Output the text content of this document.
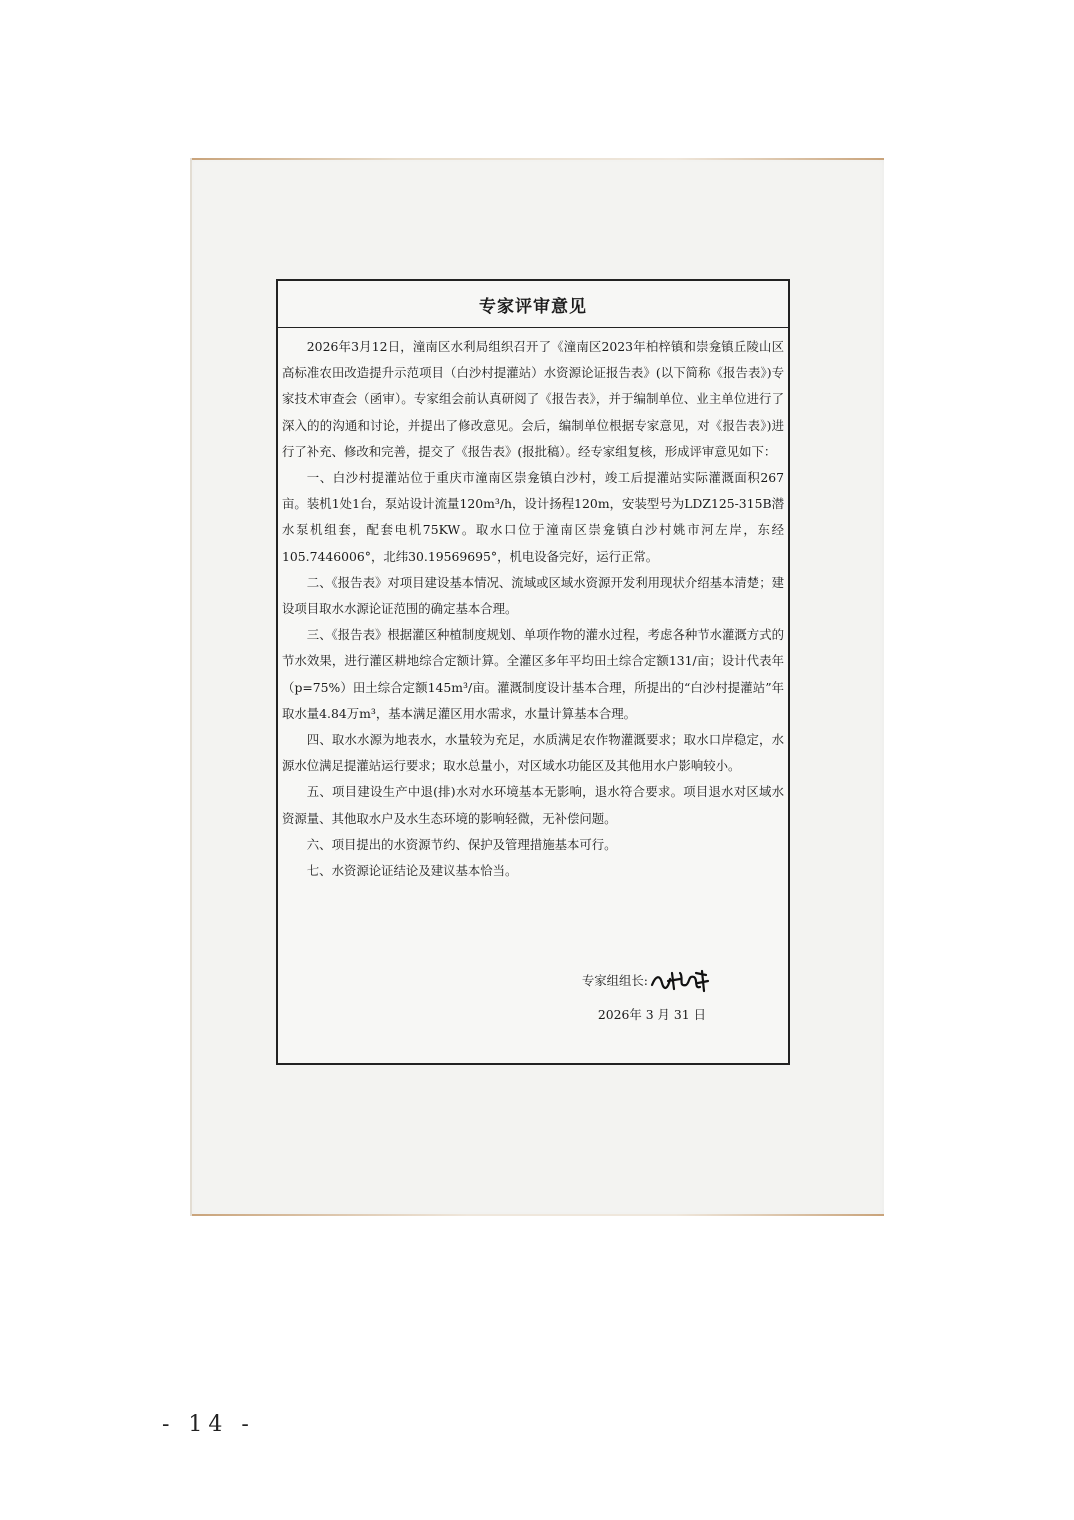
专家评审意见

2026年3月12日，潼南区水利局组织召开了《潼南区2023年柏梓镇和崇龛镇丘陵山区高标准农田改造提升示范项目（白沙村提灌站）水资源论证报告表》(以下简称《报告表》)专家技术审查会（函审）。专家组会前认真研阅了《报告表》，并于编制单位、业主单位进行了深入的的沟通和讨论，并提出了修改意见。会后，编制单位根据专家意见，对《报告表》)进行了补充、修改和完善，提交了《报告表》(报批稿）。经专家组复核，形成评审意见如下：

一、白沙村提灌站位于重庆市潼南区崇龛镇白沙村，竣工后提灌站实际灌溉面积267亩。装机1处1台，泵站设计流量120m³/h，设计扬程120m，安装型号为LDZ125-315B潜水泵机组套，配套电机75KW。取水口位于潼南区崇龛镇白沙村姚市河左岸，东经105.7446006°，北纬30.19569695°，机电设备完好，运行正常。

二、《报告表》对项目建设基本情况、流域或区域水资源开发利用现状介绍基本清楚；建设项目取水水源论证范围的确定基本合理。

三、《报告表》根据灌区种植制度规划、单项作物的灌水过程，考虑各种节水灌溉方式的节水效果，进行灌区耕地综合定额计算。全灌区多年平均田土综合定额131/亩；设计代表年（p=75%）田土综合定额145m³/亩。灌溉制度设计基本合理，所提出的“白沙村提灌站”年取水量4.84万m³，基本满足灌区用水需求，水量计算基本合理。

四、取水水源为地表水，水量较为充足，水质满足农作物灌溉要求；取水口岸稳定，水源水位满足提灌站运行要求；取水总量小，对区域水功能区及其他用水户影响较小。

五、项目建设生产中退(排)水对水环境基本无影响，退水符合要求。项目退水对区域水资源量、其他取水户及水生态环境的影响轻微，无补偿问题。

六、项目提出的水资源节约、保护及管理措施基本可行。

七、水资源论证结论及建议基本恰当。

专家组组长:
2026年 3 月 31 日
- 14 -
